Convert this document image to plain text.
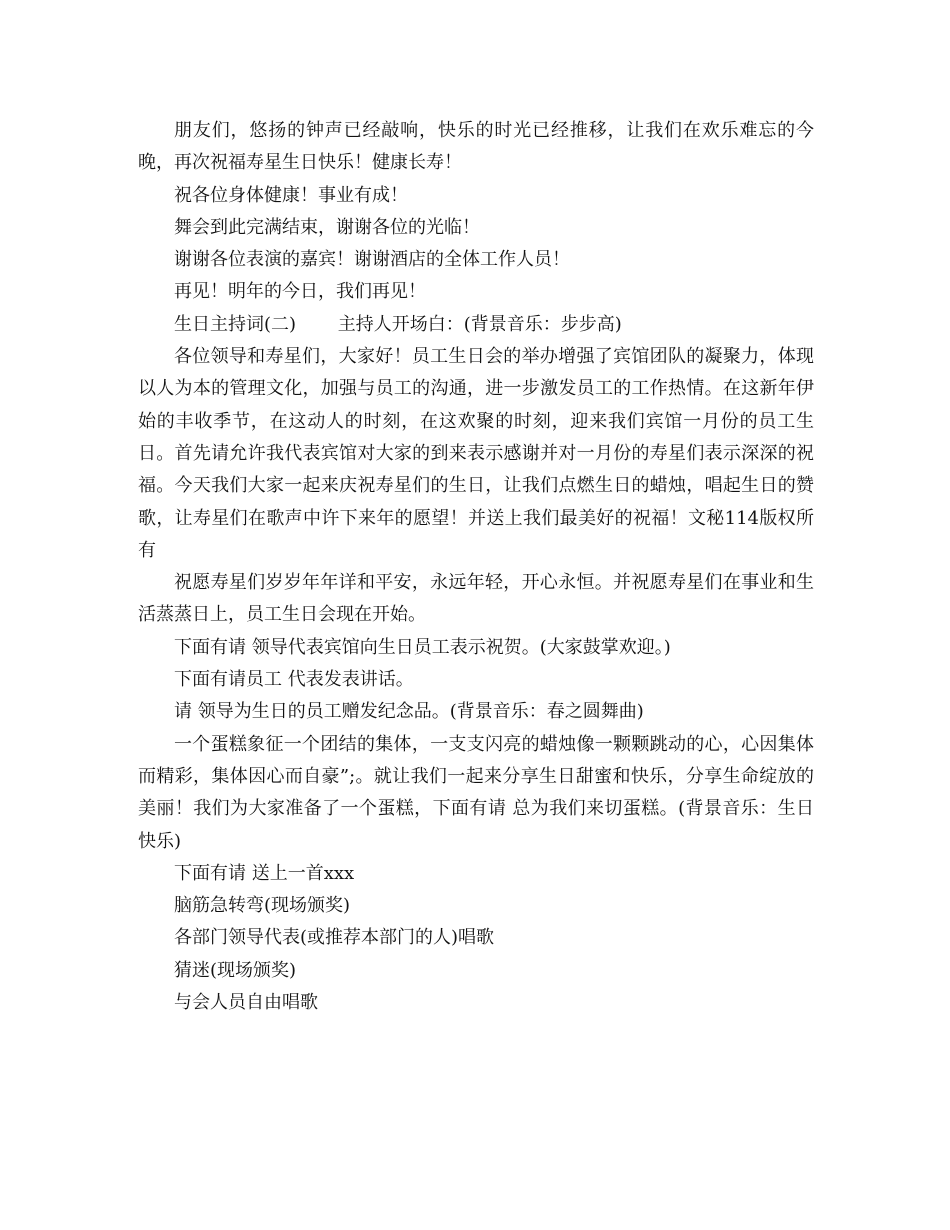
朋友们，悠扬的钟声已经敲响，快乐的时光已经推移，让我们在欢乐难忘的今晚，再次祝福寿星生日快乐！健康长寿！

祝各位身体健康！事业有成！

舞会到此完满结束，谢谢各位的光临！

谢谢各位表演的嘉宾！谢谢酒店的全体工作人员！

再见！明年的今日，我们再见！

生日主持词(二)　　 主持人开场白：(背景音乐：步步高)

各位领导和寿星们，大家好！员工生日会的举办增强了宾馆团队的凝聚力，体现以人为本的管理文化，加强与员工的沟通，进一步激发员工的工作热情。在这新年伊始的丰收季节，在这动人的时刻，在这欢聚的时刻，迎来我们宾馆一月份的员工生日。首先请允许我代表宾馆对大家的到来表示感谢并对一月份的寿星们表示深深的祝福。今天我们大家一起来庆祝寿星们的生日，让我们点燃生日的蜡烛，唱起生日的赞歌，让寿星们在歌声中许下来年的愿望！并送上我们最美好的祝福！文秘114版权所有

祝愿寿星们岁岁年年详和平安，永远年轻，开心永恒。并祝愿寿星们在事业和生活蒸蒸日上，员工生日会现在开始。

下面有请 领导代表宾馆向生日员工表示祝贺。(大家鼓掌欢迎。)

下面有请员工 代表发表讲话。

请 领导为生日的员工赠发纪念品。(背景音乐：春之圆舞曲)

一个蛋糕象征一个团结的集体，一支支闪亮的蜡烛像一颗颗跳动的心，心因集体而精彩，集体因心而自豪”;。就让我们一起来分享生日甜蜜和快乐，分享生命绽放的美丽！我们为大家准备了一个蛋糕，下面有请 总为我们来切蛋糕。(背景音乐：生日快乐)

下面有请 送上一首xxx

脑筋急转弯(现场颁奖)

各部门领导代表(或推荐本部门的人)唱歌

猜迷(现场颁奖)

与会人员自由唱歌
